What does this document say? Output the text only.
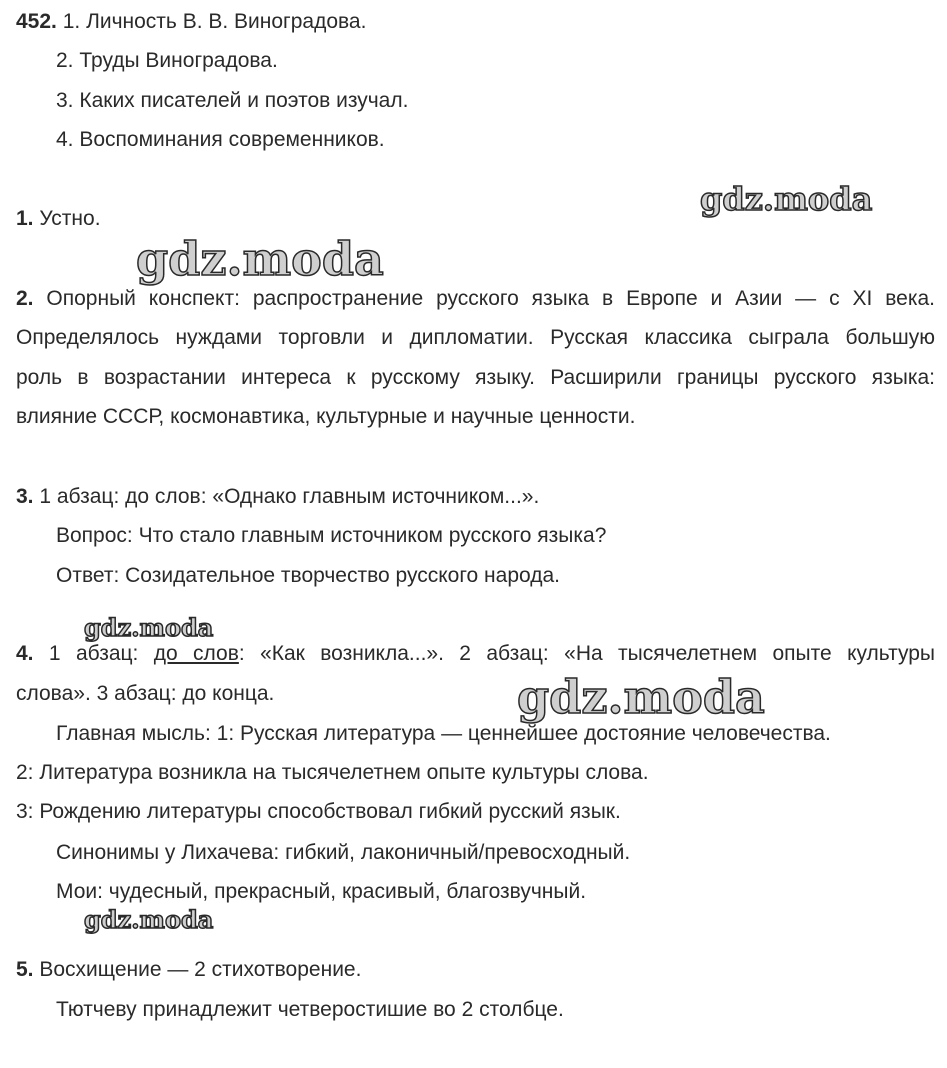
452. 1. Личность В. В. Виноградова.
2. Труды Виноградова.
3. Каких писателей и поэтов изучал.
4. Воспоминания современников.
1. Устно.
2. Опорный конспект: распространение русского языка в Европе и Азии — с XI века.
Определялось нуждами торговли и дипломатии. Русская классика сыграла большую
роль в возрастании интереса к русскому языку. Расширили границы русского языка:
влияние СССР, космонавтика, культурные и научные ценности.
3. 1 абзац: до слов: «Однако главным источником...».
Вопрос: Что стало главным источником русского языка?
Ответ: Созидательное творчество русского народа.
4. 1 абзац: до слов: «Как возникла...». 2 абзац: «На тысячелетнем опыте культуры
слова». 3 абзац: до конца.
Главная мысль: 1: Русская литература — ценнейшее достояние человечества.
2: Литература возникла на тысячелетнем опыте культуры слова.
3: Рождению литературы способствовал гибкий русский язык.
Синонимы у Лихачева: гибкий, лаконичный/превосходный.
Мои: чудесный, прекрасный, красивый, благозвучный.
5. Восхищение — 2 стихотворение.
Тютчеву принадлежит четверостишие во 2 столбце.
gdz.moda
gdz.moda
gdz.moda
gdz.moda
gdz.moda
